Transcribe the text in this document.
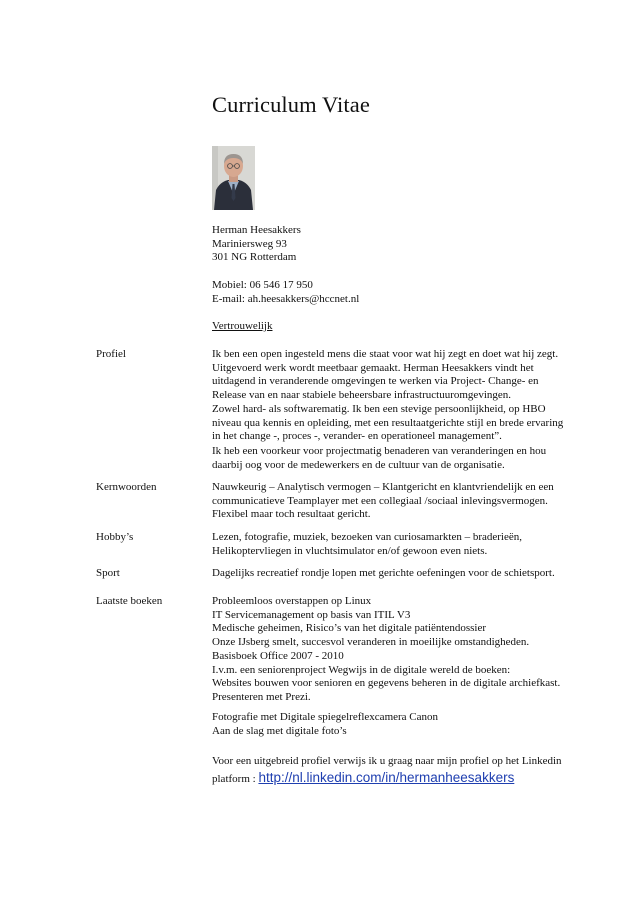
Curriculum Vitae
Herman Heesakkers
Mariniersweg 93
301 NG Rotterdam
Mobiel: 06 546 17 950
E-mail: ah.heesakkers@hccnet.nl
Vertrouwelijk
Profiel	Ik ben een open ingesteld mens die staat voor wat hij zegt en doet wat hij zegt.
Uitgevoerd werk wordt meetbaar gemaakt. Herman Heesakkers vindt het
uitdagend in veranderende omgevingen te werken via Project- Change- en
Release van en naar stabiele beheersbare infrastructuuromgevingen.
Zowel hard- als softwarematig. Ik ben een stevige persoonlijkheid, op HBO
niveau qua kennis en opleiding, met een resultaatgerichte stijl en brede ervaring
in het change -, proces -, verander- en operationeel management”.
Ik heb een voorkeur voor projectmatig benaderen van veranderingen en hou
daarbij oog voor de medewerkers en de cultuur van de organisatie.
Kernwoorden	Nauwkeurig – Analytisch vermogen – Klantgericht en klantvriendelijk en een
communicatieve Teamplayer met een collegiaal /sociaal inlevingsvermogen.
Flexibel maar toch resultaat gericht.
Hobby’s	Lezen, fotografie, muziek, bezoeken van curiosamarkten – braderieën,
Helikoptervliegen in vluchtsimulator en/of gewoon even niets.
Sport	Dagelijks recreatief rondje lopen met gerichte oefeningen voor de schietsport.
Laatste boeken	Probleemloos overstappen op Linux
IT Servicemanagement op basis van ITIL V3
Medische geheimen, Risico’s van het digitale patiëntendossier
Onze IJsberg smelt, succesvol veranderen in moeilijke omstandigheden.
Basisboek Office 2007 - 2010
I.v.m. een seniorenproject Wegwijs in de digitale wereld de boeken:
Websites bouwen voor senioren en gegevens beheren in de digitale archiefkast.
Presenteren met Prezi.
Fotografie met Digitale spiegelreflexcamera Canon
Aan de slag met digitale foto’s
Voor een uitgebreid profiel verwijs ik u graag naar mijn profiel op het Linkedin
platform : http://nl.linkedin.com/in/hermanheesakkers
